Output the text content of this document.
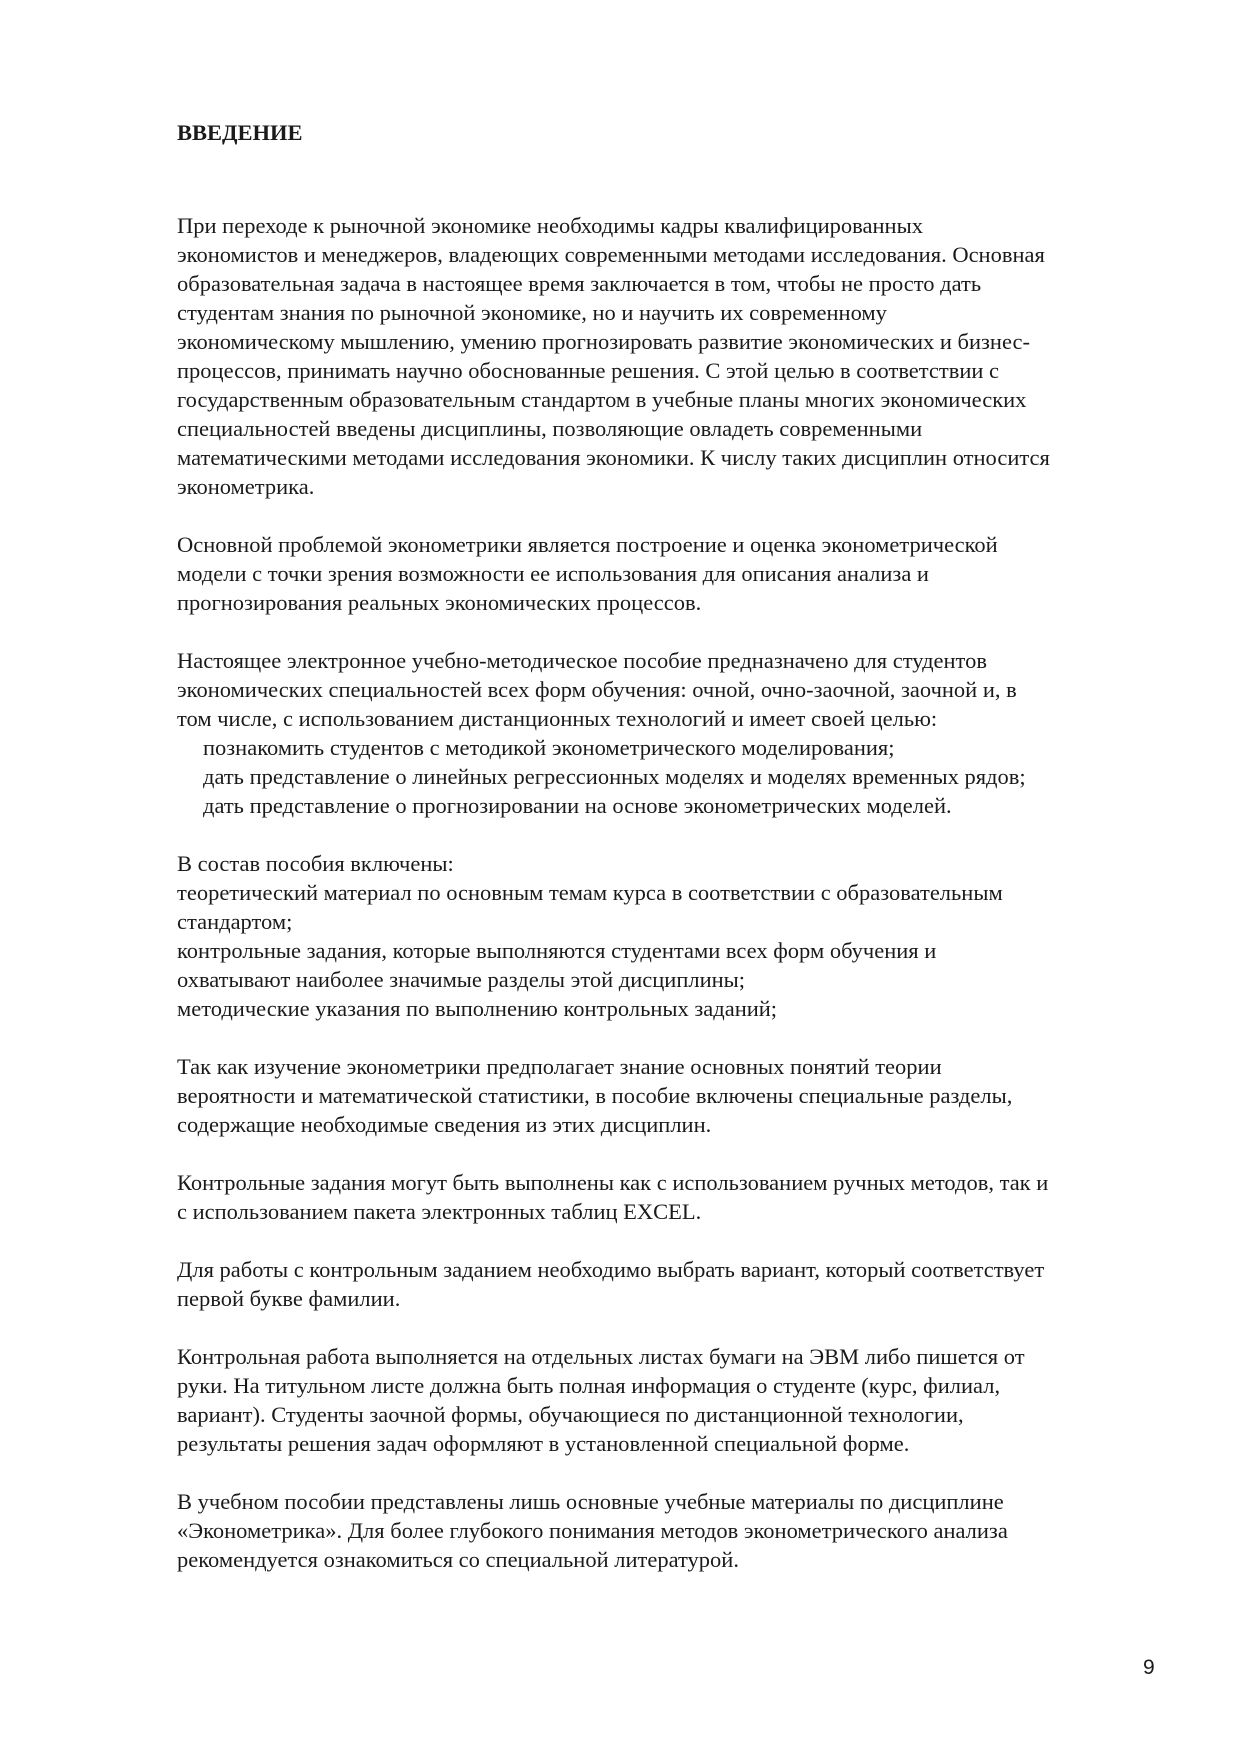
ВВЕДЕНИЕ
При переходе к рыночной экономике необходимы кадры квалифицированных
экономистов и менеджеров, владеющих современными методами исследования. Основная
образовательная задача в настоящее время заключается в том, чтобы не просто дать
студентам знания по рыночной экономике, но и научить их современному
экономическому мышлению, умению прогнозировать развитие экономических и бизнес-
процессов, принимать научно обоснованные решения. С этой целью в соответствии с
государственным образовательным стандартом в учебные планы многих экономических
специальностей введены дисциплины, позволяющие овладеть современными
математическими методами исследования экономики. К числу таких дисциплин относится
эконометрика.
Основной проблемой эконометрики является построение и оценка эконометрической
модели с точки зрения возможности ее использования для описания анализа и
прогнозирования реальных экономических процессов.
Настоящее электронное учебно-методическое пособие предназначено для студентов
экономических специальностей всех форм обучения: очной, очно-заочной, заочной и, в
том числе, с использованием дистанционных технологий и имеет своей целью:
познакомить студентов с методикой эконометрического моделирования;
дать представление о линейных регрессионных моделях и моделях временных рядов;
дать представление о прогнозировании на основе эконометрических моделей.
В состав пособия включены:
теоретический материал по основным темам курса в соответствии с образовательным
стандартом;
контрольные задания, которые выполняются студентами всех форм обучения и
охватывают наиболее значимые разделы этой дисциплины;
методические указания по выполнению контрольных заданий;
Так как изучение эконометрики предполагает знание основных понятий теории
вероятности и математической статистики, в пособие включены специальные разделы,
содержащие необходимые сведения из этих дисциплин.
Контрольные задания могут быть выполнены как с использованием ручных методов, так и
с использованием пакета электронных таблиц EXCEL.
Для работы с контрольным заданием необходимо выбрать вариант, который соответствует
первой букве фамилии.
Контрольная работа выполняется на отдельных листах бумаги на ЭВМ либо пишется от
руки. На титульном листе должна быть полная информация о студенте (курс, филиал,
вариант). Студенты заочной формы, обучающиеся по дистанционной технологии,
результаты решения задач оформляют в установленной специальной форме.
В учебном пособии представлены лишь основные учебные материалы по дисциплине
«Эконометрика». Для более глубокого понимания методов эконометрического анализа
рекомендуется ознакомиться со специальной литературой.
9
